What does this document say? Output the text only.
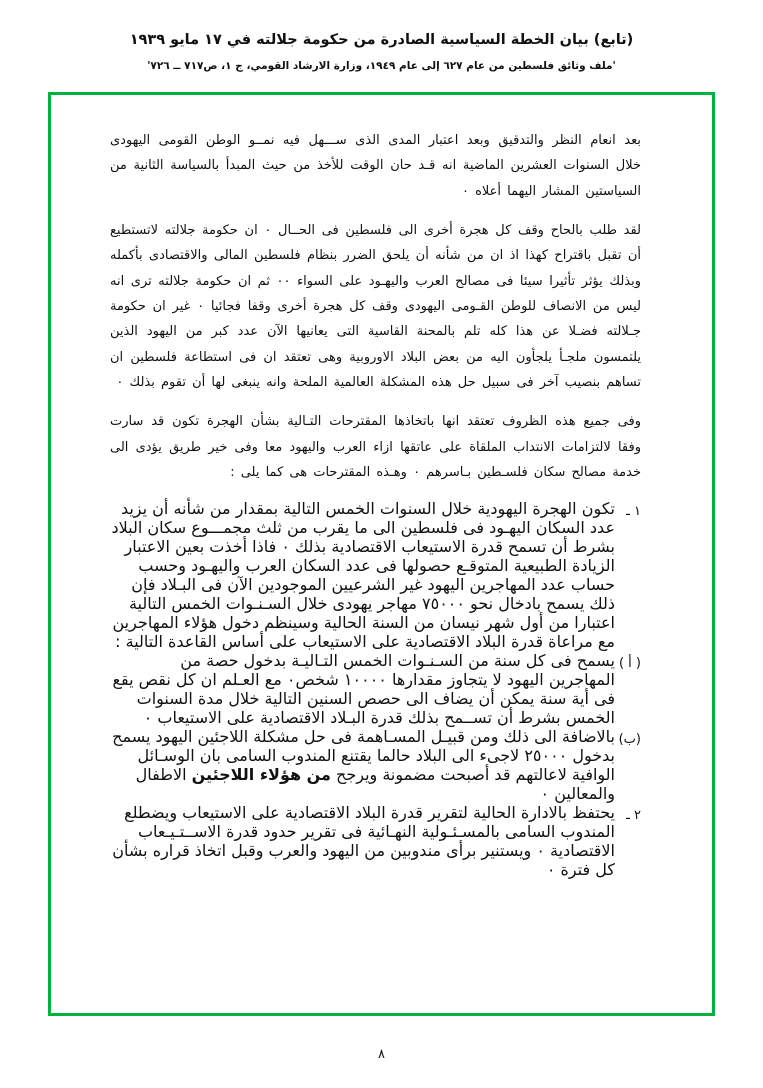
(تابع) بيان الخطة السياسية الصادرة من حكومة جلالته في ١٧ مايو ١٩٣٩
'ملف وثائق فلسطين من عام ٦٢٧ إلى عام ١٩٤٩، وزارة الارشاد القومي، ج ١، ص٧١٧ ــ ٧٢٦'

بعد انعام النظر والتدقيق وبعد اعتبار المدى الذى ســـهل فيه نمــو الوطن القومى اليهودى خلال السنوات العشرين الماضية انه قـد حان الوقت للأخذ من حيث المبدأ بالسياسة الثانية من السياستين المشار اليهما أعلاه ٠

لقد طلب بالحاح وقف كل هجرة أخرى الى فلسطين فى الحــال ٠ ان حكومة جلالته لاتستطيع أن تقبل باقتراح كهذا اذ ان من شأنه أن يلحق الضرر بنظام فلسطين المالى والاقتصادى بأكمله وبذلك يؤثر تأثيرا سيئا فى مصالح العرب واليهـود على السواء ٠٠ ثم ان حكومة جلالته ترى انه ليس من الانصاف للوطن القـومى اليهودى وقف كل هجرة أخرى وقفا فجائيا ٠ غير ان حكومة جـلالته فضـلا عن هذا كله تلم بالمحنة القاسية التى يعانيها الآن عدد كبر من اليهود الذين يلتمسون ملجـأ يلجأون اليه من بعض البلاد الاوروبية وهى تعتقد ان فى استطاعة فلسطين ان تساهم بنصيب آخر فى سبيل حل هذه المشكلة العالمية الملحة وانه ينبغى لها أن تقوم بذلك ٠

وفى جميع هذه الظروف تعتقد انها باتخاذها المقترحات التـالية بشأن الهجرة تكون قد سارت وفقا لالتزامات الانتداب الملقاة على عاتقها ازاء العرب واليهود معا وفى خير طريق يؤدى الى خدمة مصالح سكان فلسـطين بـاسرهم ٠ وهـذه المقترحات هى كما يلى :

١ ـ
تكون الهجرة اليهودية خلال السنوات الخمس التالية بمقدار من شأنه أن يزيد عدد السكان اليهـود فى فلسطين الى ما يقرب من ثلث مجمـــوع سكان البلاد بشرط أن تسمح قدرة الاستيعاب الاقتصادية بذلك ٠ فاذا أخذت بعين الاعتبار الزيادة الطبيعية المتوقـع حصولها فى عدد السكان العرب واليهـود وحسب حساب عدد المهاجرين اليهود غير الشرعيين الموجودين الآن فى البـلاد فإن ذلك يسمح بادخال نحو ٧٥٠٠٠ مهاجر يهودى خلال السـنـوات الخمس التالية اعتبارا من أول شهر نيسان من السنة الحالية وسينظم دخول هؤلاء المهاجرين مع مراعاة قدرة البلاد الاقتصادية على الاستيعاب على أساس القاعدة التالية :
( أ )
يسمح فى كل سنة من السـنـوات الخمس التـاليـة بدخول حصة من المهاجرين اليهود لا يتجاوز مقدارها ١٠٠٠٠ شخص٠ مع العـلم ان كل نقص يقع فى أية سنة يمكن أن يضاف الى حصص السنين التالية خلال مدة السنوات الخمس بشرط أن تســمح بذلك قدرة البـلاد الاقتصادية على الاستيعاب ٠
(ب)
بالاضافة الى ذلك ومن قبيـل المسـاهمة فى حل مشكلة اللاجئين اليهود يسمح بدخول ٢٥٠٠٠ لاجىء الى البلاد حالما يقتنع المندوب السامى بان الوسـائل الوافية لاعالتهم قد أصبحت مضمونة ويرجح من هؤلاء اللاجئين الاطفال والمعالين ٠
٢ ـ
يحتفظ بالادارة الحالية لتقرير قدرة البلاد الاقتصادية على الاستيعاب ويضطلع المندوب السامى بالمسـئـولية النهـائية فى تقرير حدود قدرة الاســتـيـعاب الاقتصادية ٠ ويستنير برأى مندوبين من اليهود والعرب وقبل اتخاذ قراره بشأن كل فترة ٠
٨
